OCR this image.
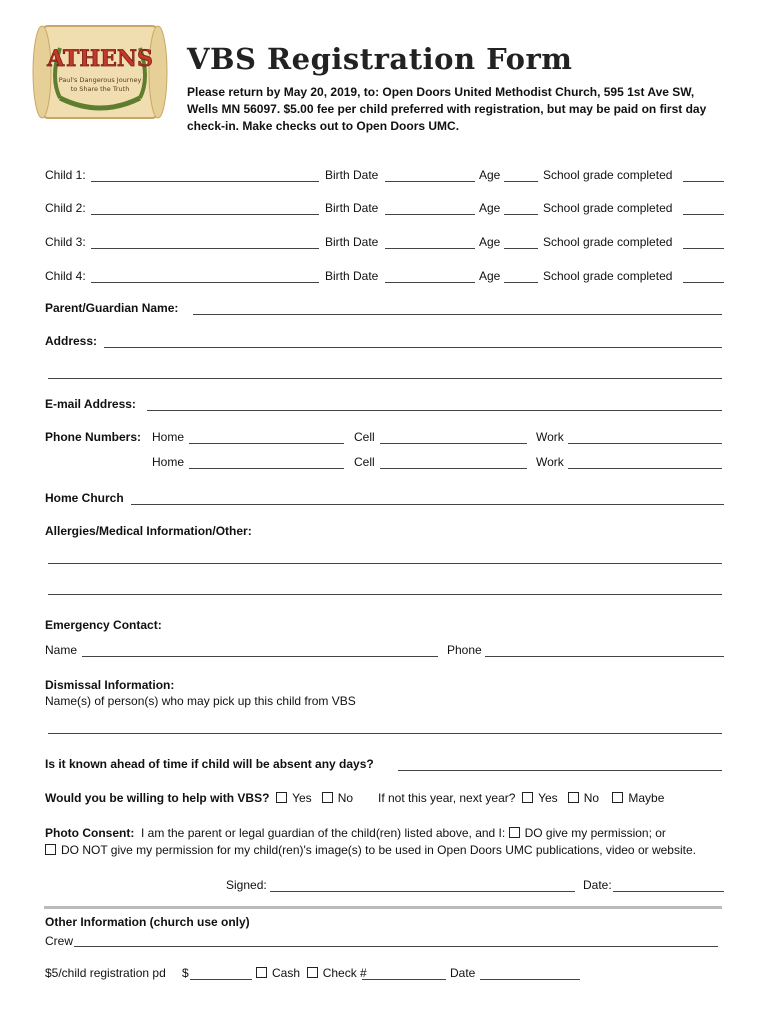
ATHENS
Paul's Dangerous Journey
to Share the Truth
VBS Registration Form
Please return by May 20, 2019, to: Open Doors United Methodist Church, 595 1st Ave SW, Wells MN 56097. $5.00 fee per child preferred with registration, but may be paid on first day check-in. Make checks out to Open Doors UMC.
Child 1:	Birth Date	Age	School grade completed
Child 2:	Birth Date	Age	School grade completed
Child 3:	Birth Date	Age	School grade completed
Child 4:	Birth Date	Age	School grade completed
Parent/Guardian Name:
Address:
E-mail Address:
Phone Numbers: Home	Cell	Work
Home	Cell	Work
Home Church
Allergies/Medical Information/Other:
Emergency Contact:
Name	Phone
Dismissal Information:
Name(s) of person(s) who may pick up this child from VBS
Is it known ahead of time if child will be absent any days?
Would you be willing to help with VBS? Yes No If not this year, next year? Yes No Maybe
Photo Consent: I am the parent or legal guardian of the child(ren) listed above, and I: DO give my permission; or
DO NOT give my permission for my child(ren)'s image(s) to be used in Open Doors UMC publications, video or website.
Signed:	Date:
Other Information (church use only)
Crew
$5/child registration pd $	Cash Check #	Date
